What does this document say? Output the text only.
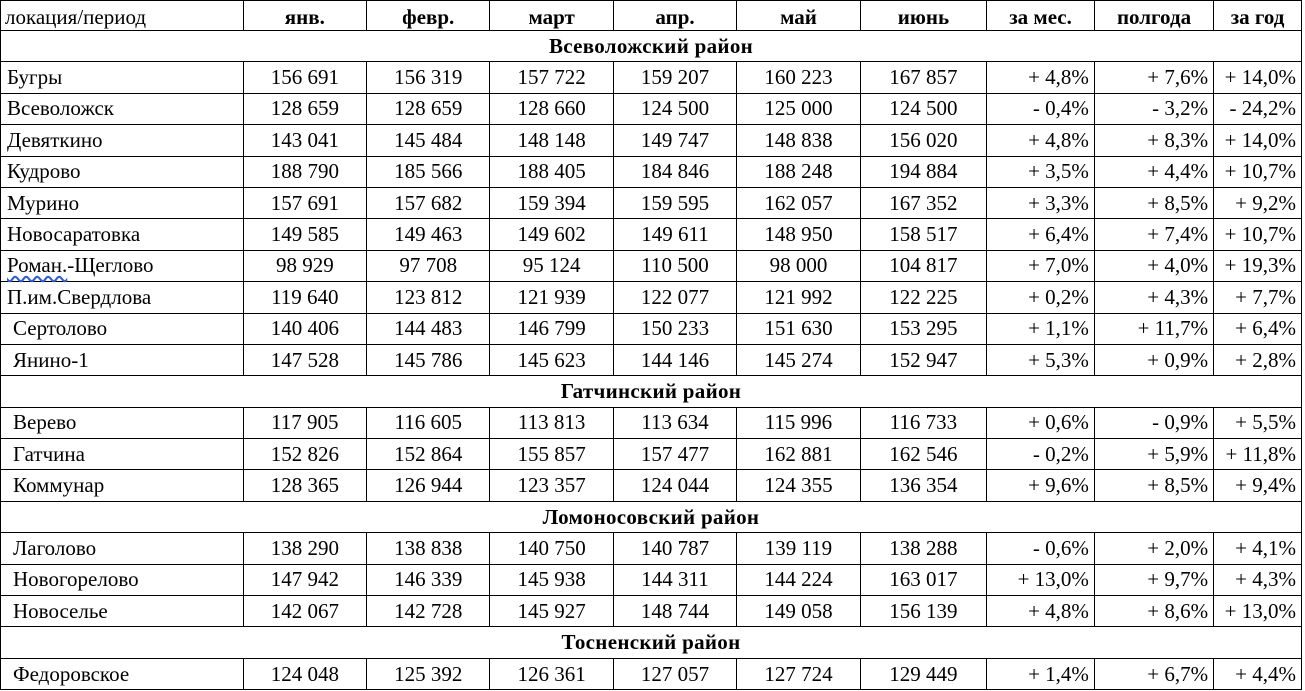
локация/период	янв.	февр.	март	апр.	май	июнь	за мес.	полгода	за год
Всеволожский район									
Бугры	156 691	156 319	157 722	159 207	160 223	167 857	+ 4,8%	+ 7,6%	+ 14,0%
Всеволожск	128 659	128 659	128 660	124 500	125 000	124 500	- 0,4%	- 3,2%	- 24,2%
Девяткино	143 041	145 484	148 148	149 747	148 838	156 020	+ 4,8%	+ 8,3%	+ 14,0%
Кудрово	188 790	185 566	188 405	184 846	188 248	194 884	+ 3,5%	+ 4,4%	+ 10,7%
Мурино	157 691	157 682	159 394	159 595	162 057	167 352	+ 3,3%	+ 8,5%	+ 9,2%
Новосаратовка	149 585	149 463	149 602	149 611	148 950	158 517	+ 6,4%	+ 7,4%	+ 10,7%
Роман.-Щеглово	98 929	97 708	95 124	110 500	98 000	104 817	+ 7,0%	+ 4,0%	+ 19,3%
П.им.Свердлова	119 640	123 812	121 939	122 077	121 992	122 225	+ 0,2%	+ 4,3%	+ 7,7%
Сертолово	140 406	144 483	146 799	150 233	151 630	153 295	+ 1,1%	+ 11,7%	+ 6,4%
Янино-1	147 528	145 786	145 623	144 146	145 274	152 947	+ 5,3%	+ 0,9%	+ 2,8%
Гатчинский район									
Верево	117 905	116 605	113 813	113 634	115 996	116 733	+ 0,6%	- 0,9%	+ 5,5%
Гатчина	152 826	152 864	155 857	157 477	162 881	162 546	- 0,2%	+ 5,9%	+ 11,8%
Коммунар	128 365	126 944	123 357	124 044	124 355	136 354	+ 9,6%	+ 8,5%	+ 9,4%
Ломоносовский район									
Лаголово	138 290	138 838	140 750	140 787	139 119	138 288	- 0,6%	+ 2,0%	+ 4,1%
Новогорелово	147 942	146 339	145 938	144 311	144 224	163 017	+ 13,0%	+ 9,7%	+ 4,3%
Новоселье	142 067	142 728	145 927	148 744	149 058	156 139	+ 4,8%	+ 8,6%	+ 13,0%
Тосненский район									
Федоровское	124 048	125 392	126 361	127 057	127 724	129 449	+ 1,4%	+ 6,7%	+ 4,4%
